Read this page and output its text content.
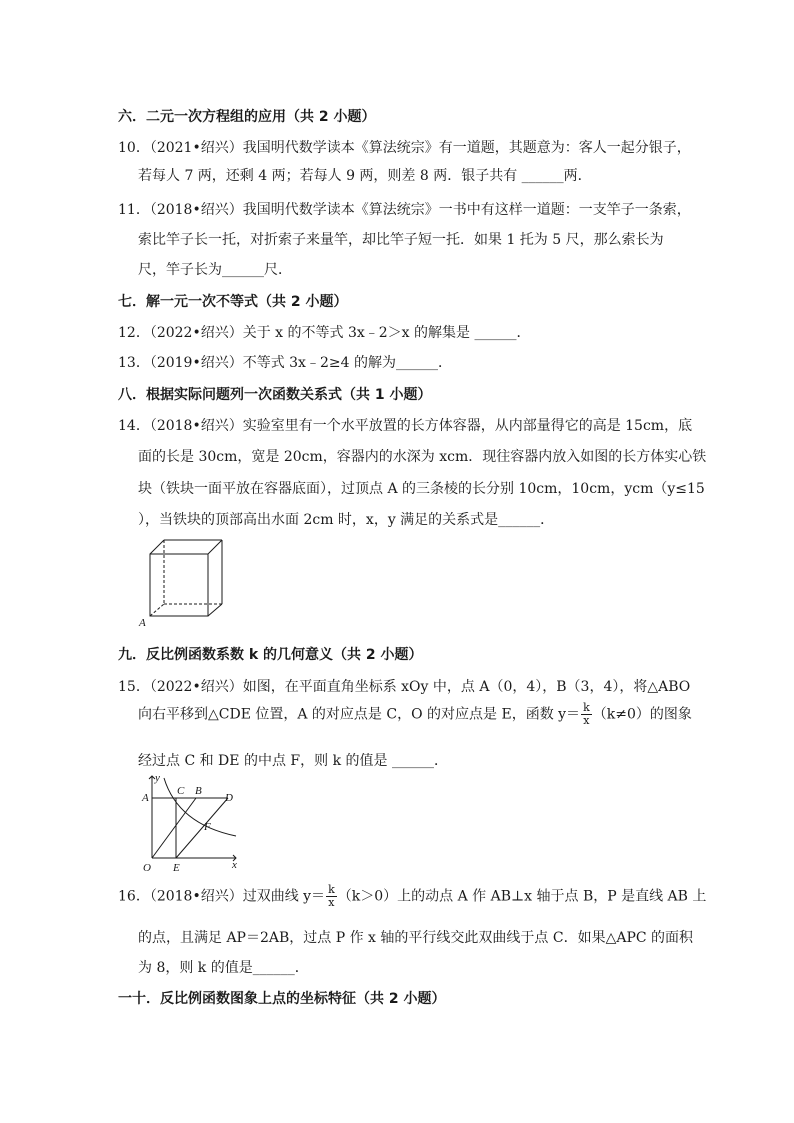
六．二元一次方程组的应用（共 2 小题）
10．（2021•绍兴）我国明代数学读本《算法统宗》有一道题，其题意为：客人一起分银子，
若每人 7 两，还剩 4 两；若每人 9 两，则差 8 两．银子共有 ______两．
11．（2018•绍兴）我国明代数学读本《算法统宗》一书中有这样一道题：一支竿子一条索，
索比竿子长一托，对折索子来量竿，却比竿子短一托．如果 1 托为 5 尺，那么索长为
尺，竿子长为______尺．
七．解一元一次不等式（共 2 小题）
12．（2022•绍兴）关于 x 的不等式 3x﹣2＞x 的解集是 ______．
13．（2019•绍兴）不等式 3x﹣2≥4 的解为______．
八．根据实际问题列一次函数关系式（共 1 小题）
14．（2018•绍兴）实验室里有一个水平放置的长方体容器，从内部量得它的高是 15cm，底
面的长是 30cm，宽是 20cm，容器内的水深为 xcm．现往容器内放入如图的长方体实心铁
块（铁块一面平放在容器底面），过顶点 A 的三条棱的长分别 10cm，10cm，ycm（y≤15
），当铁块的顶部高出水面 2cm 时，x，y 满足的关系式是______．
A
九．反比例函数系数 k 的几何意义（共 2 小题）
15．（2022•绍兴）如图，在平面直角坐标系 xOy 中，点 A（0，4），B（3，4），将△ABO
向右平移到△CDE 位置，A 的对应点是 C，O 的对应点是 E，函数 $y= \frac{k}{x} (k\ne 0)$的图象
经过点 C 和 DE 的中点 F，则 k 的值是 ______．
y
x
A
C B
D
F
O E
16．（2018•绍兴）过双曲线 $y= \frac{k}{x} (k>0)$上的动点 A 作 AB⊥x 轴于点 B，P 是直线 AB 上
的点，且满足 AP＝2AB，过点 P 作 x 轴的平行线交此双曲线于点 C．如果△APC 的面积
为 8，则 k 的值是______．
一十．反比例函数图象上点的坐标特征（共 2 小题）
